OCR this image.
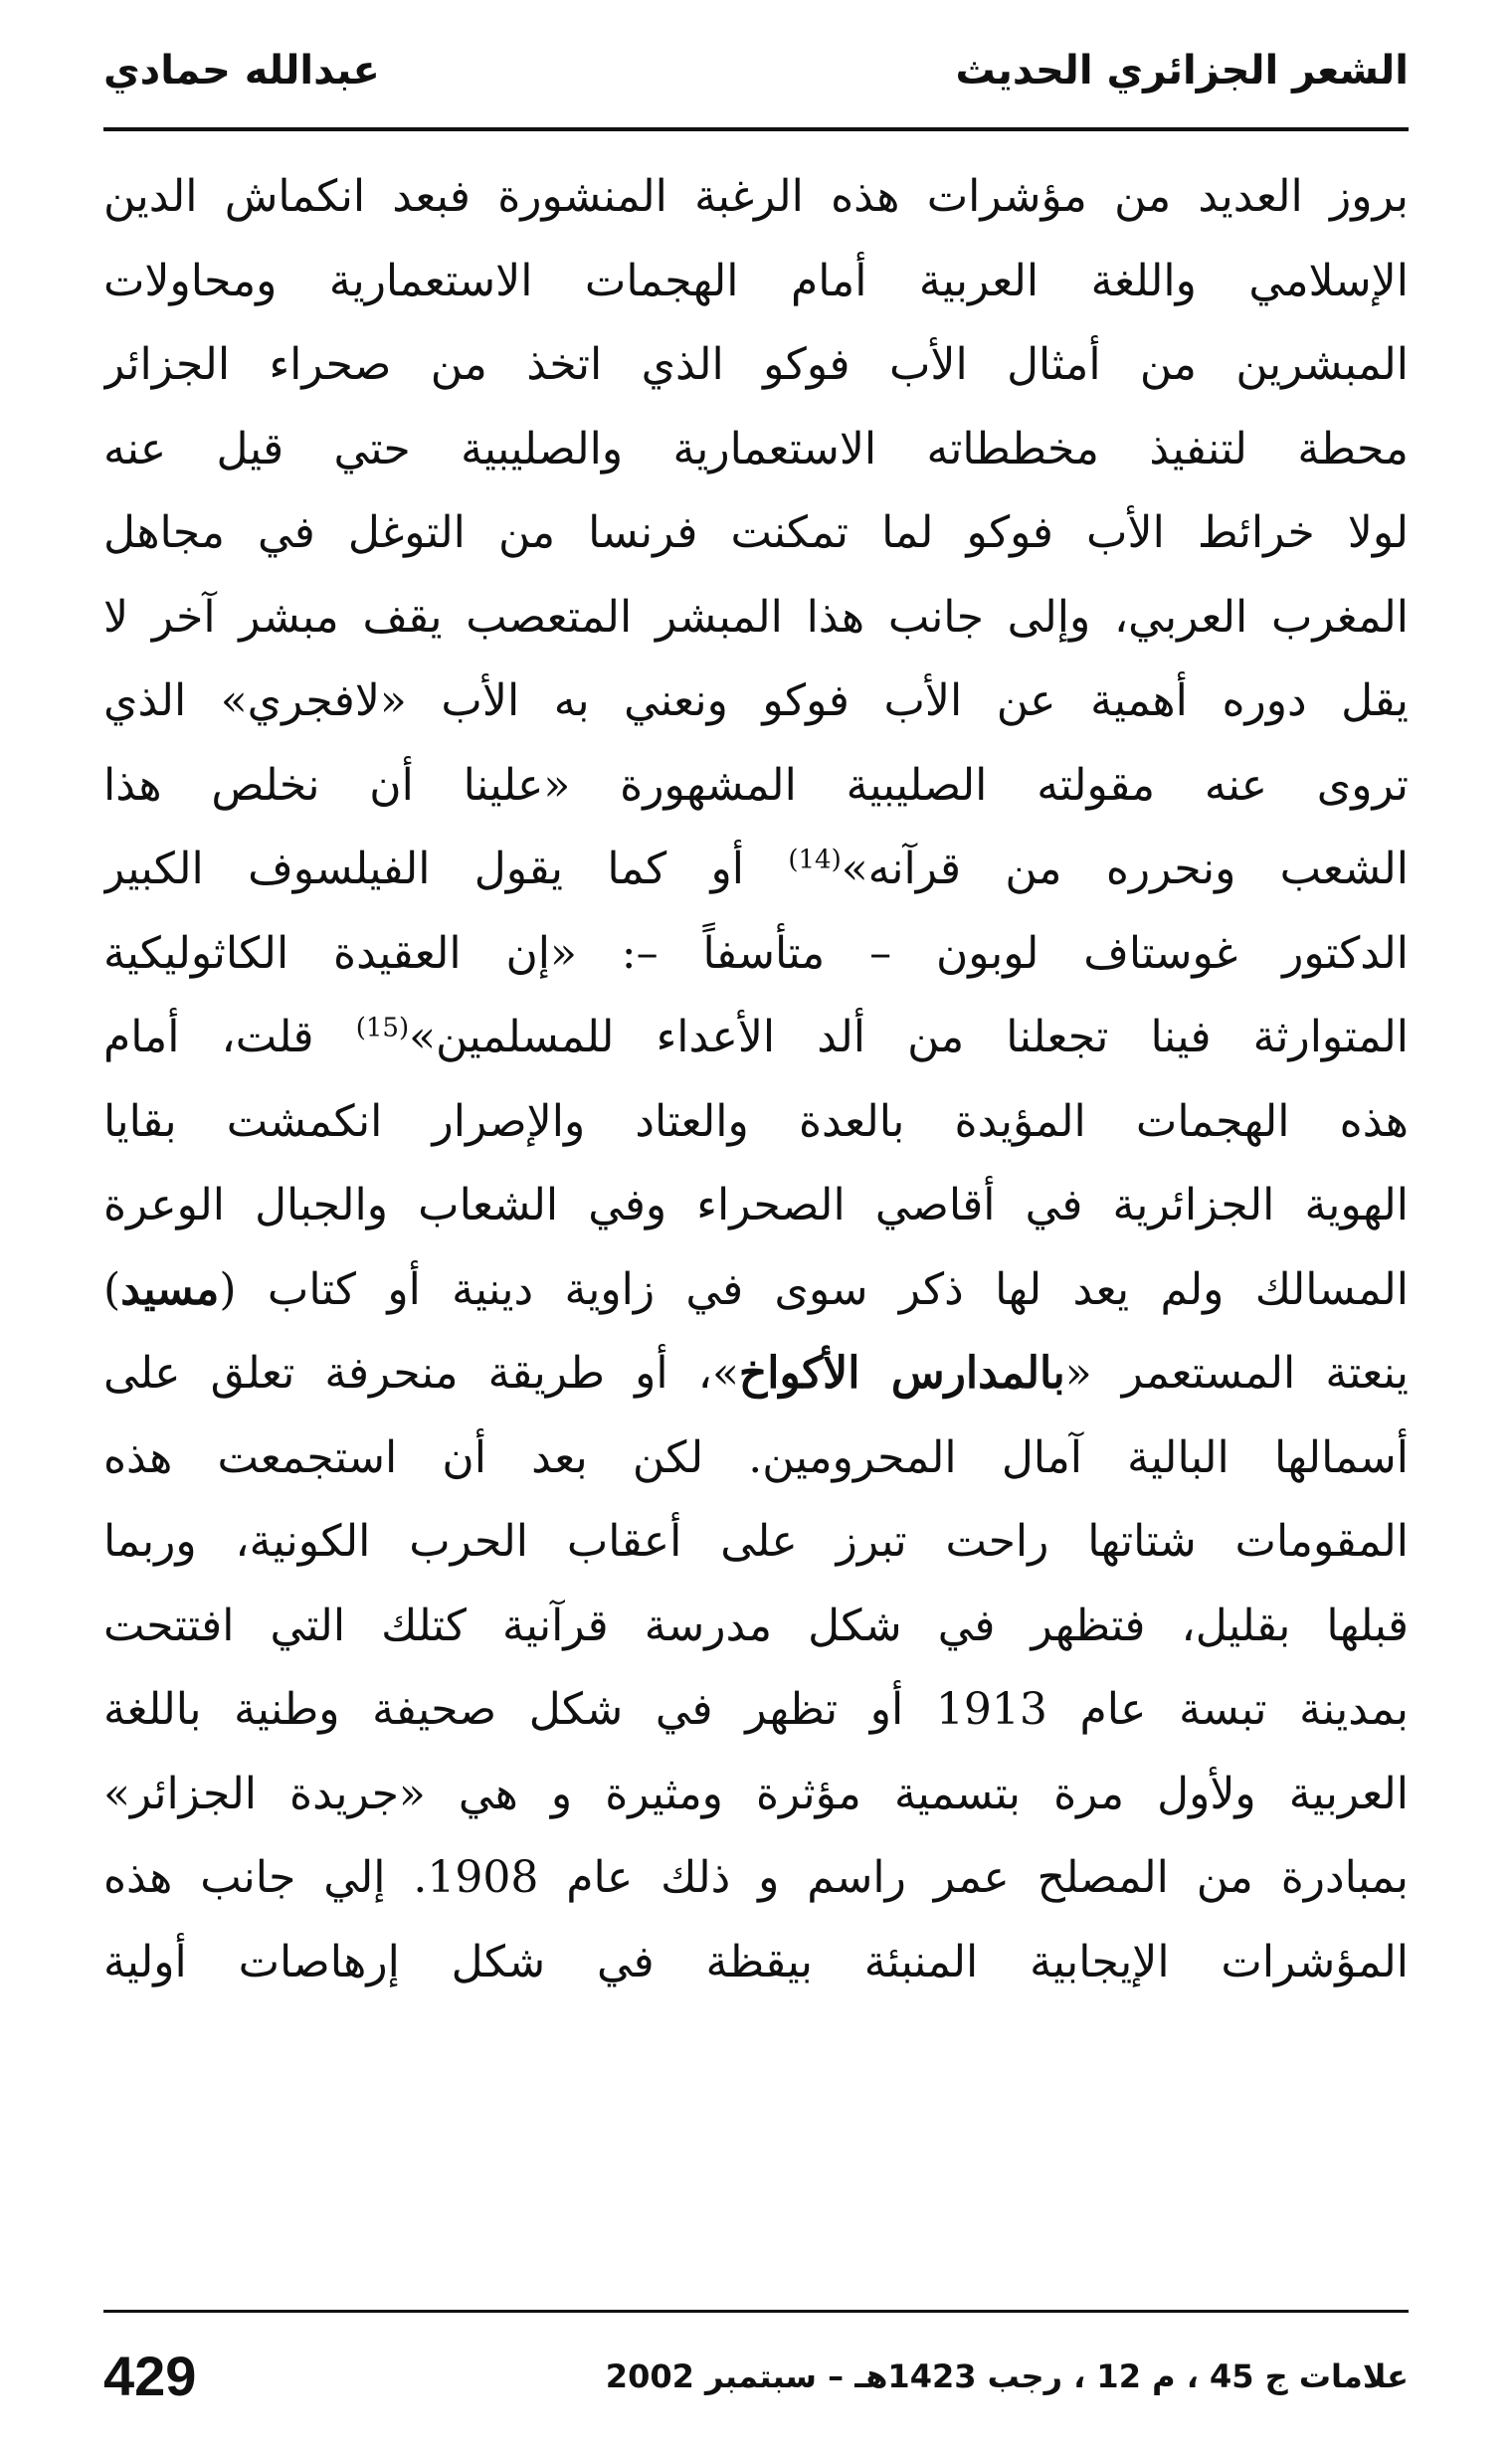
الشعر الجزائري الحديث
عبدالله حمادي
بروز العديد من مؤشرات هذه الرغبة المنشورة فبعد انكماش الدين
الإسلامي واللغة العربية أمام الهجمات الاستعمارية ومحاولات
المبشرين من أمثال الأب فوكو الذي اتخذ من صحراء الجزائر
محطة لتنفيذ مخططاته الاستعمارية والصليبية حتي قيل عنه
لولا خرائط الأب فوكو لما تمكنت فرنسا من التوغل في مجاهل
المغرب العربي، وإلى جانب هذا المبشر المتعصب يقف مبشر آخر لا
يقل دوره أهمية عن الأب فوكو ونعني به الأب «لافجري» الذي
تروى عنه مقولته الصليبية المشهورة «علينا أن نخلص هذا
الشعب ونحرره من قرآنه»$^{(14)}$ أو كما يقول الفيلسوف الكبير
الدكتور غوستاف لوبون – متأسفاً –: «إن العقيدة الكاثوليكية
المتوارثة فينا تجعلنا من ألد الأعداء للمسلمين»$^{(15)}$ قلت، أمام
هذه الهجمات المؤيدة بالعدة والعتاد والإصرار انكمشت بقايا
الهوية الجزائرية في أقاصي الصحراء وفي الشعاب والجبال الوعرة
المسالك ولم يعد لها ذكر سوى في زاوية دينية أو كتاب (مسيد)
ينعتة المستعمر «بالمدارس الأكواخ»، أو طريقة منحرفة تعلق على
أسمالها البالية آمال المحرومين. لكن بعد أن استجمعت هذه
المقومات شتاتها راحت تبرز على أعقاب الحرب الكونية، وربما
قبلها بقليل، فتظهر في شكل مدرسة قرآنية كتلك التي افتتحت
بمدينة تبسة عام 1913 أو تظهر في شكل صحيفة وطنية باللغة
العربية ولأول مرة بتسمية مؤثرة ومثيرة و هي «جريدة الجزائر»
بمبادرة من المصلح عمر راسم و ذلك عام 1908. إلي جانب هذه
المؤشرات الإيجابية المنبئة بيقظة في شكل إرهاصات أولية
علامات ج 45 ، م 12 ، رجب 1423هـ – سبتمبر 2002
429
